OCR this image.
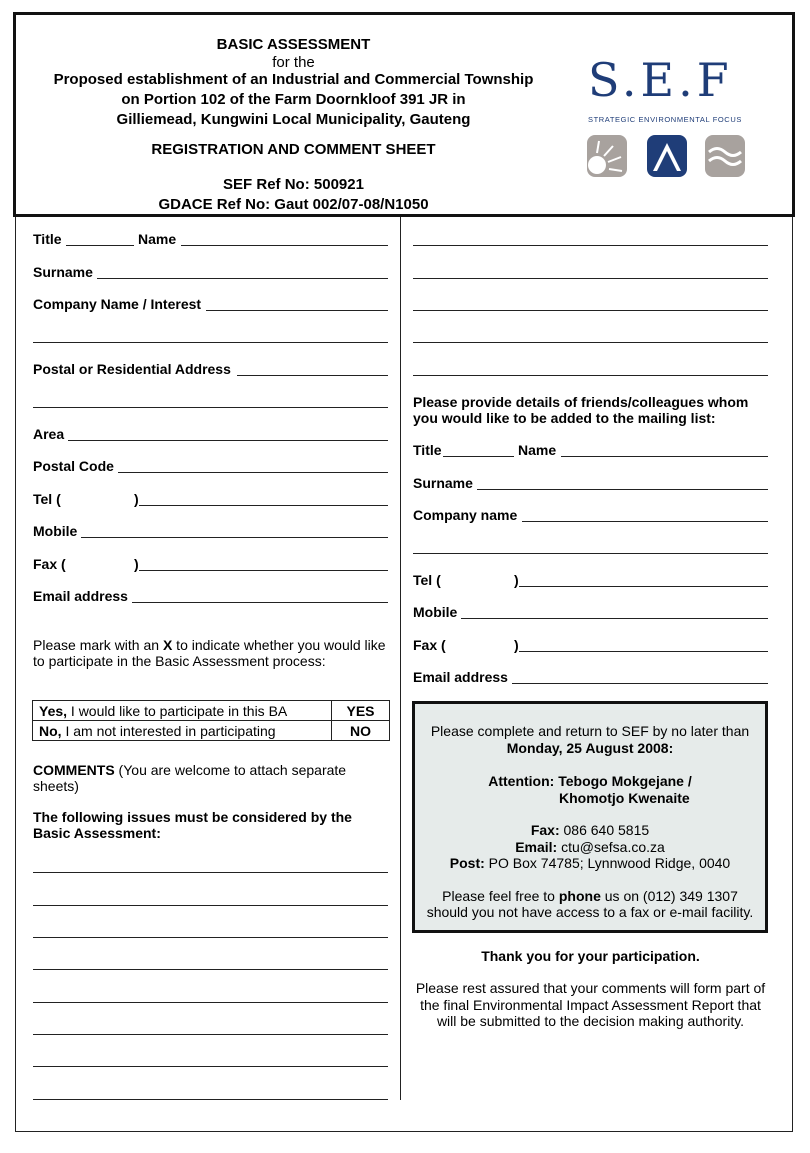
BASIC ASSESSMENT
for the
Proposed establishment of an Industrial and Commercial Township
on Portion 102 of the Farm Doornkloof 391 JR in
Gilliemead, Kungwini Local Municipality, Gauteng
REGISTRATION AND COMMENT SHEET
SEF Ref No: 500921
GDACE Ref No: Gaut 002/07-08/N1050
S.E.F
STRATEGIC ENVIRONMENTAL FOCUS
Title	Name
Surname
Company Name / Interest
Postal or Residential Address
Area
Postal Code
Tel (	)
Mobile
Fax (	)
Email address
Please mark with an X to indicate whether you would like to participate in the Basic Assessment process:
Yes, I would like to participate in this BA	YES
No, I am not interested in participating	NO
COMMENTS (You are welcome to attach separate sheets)
The following issues must be considered by the Basic Assessment:
Please provide details of friends/colleagues whom you would like to be added to the mailing list:
Title	Name
Surname
Company name
Tel (	)
Mobile
Fax (	)
Email address

Please complete and return to SEF by no later than

Monday, 25 August 2008:

Attention: Tebogo Mokgejane /

Khomotjo Kwenaite

Fax: 086 640 5815

Email: ctu@sefsa.co.za

Post: PO Box 74785; Lynnwood Ridge, 0040

Please feel free to phone us on (012) 349 1307

should you not have access to a fax or e-mail facility.

Thank you for your participation.
Please rest assured that your comments will form part of the final Environmental Impact Assessment Report that will be submitted to the decision making authority.
